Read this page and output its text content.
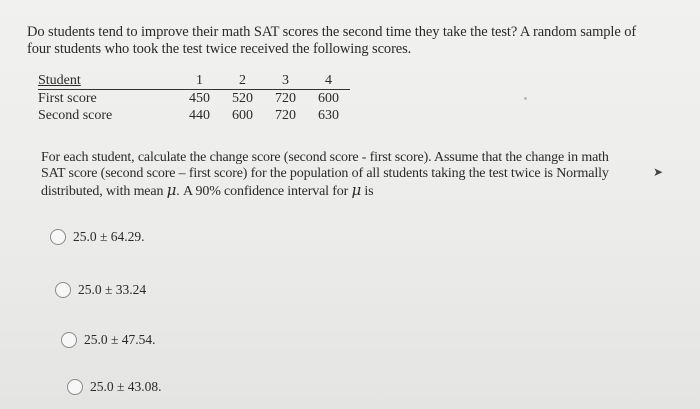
Do students tend to improve their math SAT scores the second time they take the test? A random sample of
four students who took the test twice received the following scores.
Student	1	2	3	4
First score	450	520	720	600
Second score	440	600	720	630
For each student, calculate the change score (second score - first score). Assume that the change in math
SAT score (second score – first score) for the population of all students taking the test twice is Normally
distributed, with mean μ. A 90% confidence interval for μ is
➤
25.0 ± 64.29.
25.0 ± 33.24
25.0 ± 47.54.
25.0 ± 43.08.
